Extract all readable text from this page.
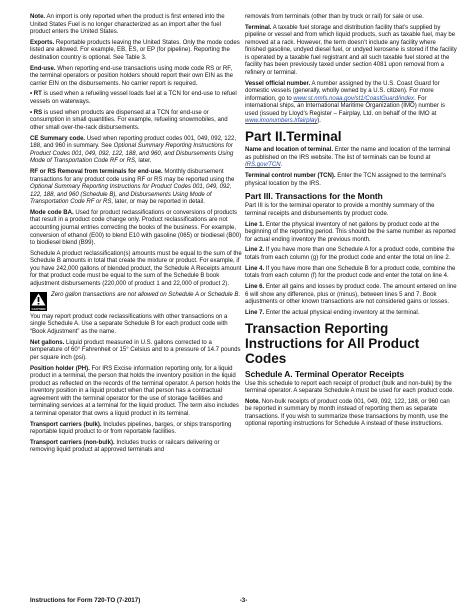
Note. An import is only reported when the product is first entered into the United States Fuel is no longer characterized as an import after the fuel product enters the United States.

Exports. Reportable products leaving the United States. Only the mode codes listed are allowed. For example, EB, ES, or EP (for pipeline). Reporting the destination country is optional. See Table 3.

End-use. When reporting end-use transactions using mode code RS or RF, the terminal operators or position holders should report their own EIN as the carrier EIN on the disbursements. No carrier report is required.

• RT is used when a refueling vessel loads fuel at a TCN for end-use to refuel vessels on waterways.

• RS is used when products are dispensed at a TCN for end-use or consumption in small quantities. For example, refueling snowmobiles, and other small over-the-rack disbursements.

CE Summary code. Used when reporting product codes 001, 049, 092, 122, 188, and 960 in summary. See Optional Summary Reporting Instructions for Product Codes 001, 049, 092, 122, 188, and 960, and Disbursements Using Mode of Transportation Code RF or RS, later.

RF or RS Removal from terminals for end-use. Monthly disbursement transactions for any product code using RF or RS may be reported using the Optional Summary Reporting Instructions for Product Codes 001, 049, 092, 122, 188, and 960 (Schedule B), and Disbursements Using Mode of Transportation Code RF or RS, later, or may be reported in detail.

Mode code BA. Used for product reclassifications or conversions of products that result in a product code change only. Product reclassifications are not accounting journal entries correcting the books of the business. For example, conversion of ethanol (E00) to blend E10 with gasoline (065) or biodiesel (B00) to biodiesel blend (B99).

Schedule A product reclassification(s) amounts must be equal to the sum of the Schedule B amounts in total that create the mixture or product. For example, if you have 242,000 gallons of blended product, the Schedule A Receipts amount for that product code must be equal to the sum of the Schedule B book adjustment disbursements (220,000 of product 1 and 22,000 of product 2).

CAUTION
Zero gallon transactions are not allowed on Schedule A or Schedule B.

You may report product code reclassifications with other transactions on a single Schedule A. Use a separate Schedule B for each product code with “Book Adjustment” as the name.

Net gallons. Liquid product measured in U.S. gallons corrected to a temperature of 60° Fahrenheit or 15° Celsius and to a pressure of 14.7 pounds per square inch (psi).

Position holder (PH). For IRS Excise information reporting only, for a liquid product in a terminal, the person that holds the inventory position in the liquid product as reflected on the records of the terminal operator. A person holds the inventory position in a liquid product when that person has a contractual agreement with the terminal operator for the use of storage facilities and terminaling services at a terminal for the liquid product. The term also includes a terminal operator that owns a liquid product in its terminal.

Transport carriers (bulk). Includes pipelines, barges, or ships transporting reportable liquid product to or from reportable facilities.

Transport carriers (non-bulk). Includes trucks or railcars delivering or removing liquid product at approved terminals and

removals from terminals (other than by truck or rail) for sale or use.

Terminal. A taxable fuel storage and distribution facility that’s supplied by pipeline or vessel and from which liquid products, such as taxable fuel, may be removed at a rack. However, the term doesn’t include any facility where finished gasoline, undyed diesel fuel, or undyed kerosene is stored if the facility is operated by a taxable fuel registrant and all such taxable fuel stored at the facility has been previously taxed under section 4081 upon removal from a refinery or terminal.

Vessel official number. A number assigned by the U.S. Coast Guard for domestic vessels (generally, wholly owned by a U.S. citizen). For more information, go to www.st.nmfs.noaa.gov/st1/CoastGuard/index. For international ships, an International Maritime Organization (IMO) number is used (issued by Lloyd’s Register – Fairplay, Ltd. on behalf of the IMO at www.imonumbers.lrfairplay).

Part II.Terminal

Name and location of terminal. Enter the name and location of the terminal as published on the IRS website. The list of terminals can be found at IRS.gov/TCN.

Terminal control number (TCN). Enter the TCN assigned to the terminal’s physical location by the IRS.

Part III. Transactions for the Month

Part III is for the terminal operator to provide a monthly summary of the terminal receipts and disbursements by product code.

Line 1. Enter the physical inventory of net gallons by product code at the beginning of the reporting period. This should be the same number as reported for actual ending inventory the previous month.

Line 2. If you have more than one Schedule A for a product code, combine the totals from each column (g) for the product code and enter the total on line 2.

Line 4. If you have more than one Schedule B for a product code, combine the totals from each column (f) for the product code and enter the total on line 4.

Line 6. Enter all gains and losses by product code. The amount entered on line 6 will show any difference, plus or (minus), between lines 5 and 7. Book adjustments or other known transactions are not considered gains or losses.

Line 7. Enter the actual physical ending inventory at the terminal.

Transaction Reporting Instructions for All Product Codes
Schedule A. Terminal Operator Receipts

Use this schedule to report each receipt of product (bulk and non-bulk) by the terminal operator. A separate Schedule A must be used for each product code.

Note. Non-bulk receipts of product code 001, 049, 092, 122, 188, or 960 can be reported in summary by month instead of reporting them as separate transactions. If you wish to summarize these transactions by month, use the optional reporting instructions for Schedule A instead of these instructions.

Instructions for Form 720-TO (7-2017)	-3-
